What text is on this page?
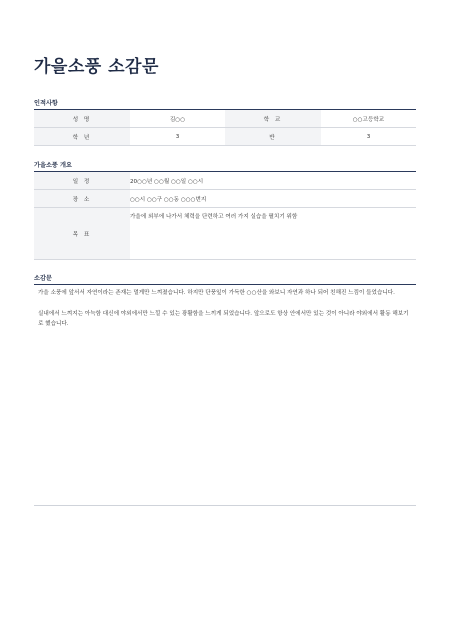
가을소풍 소감문
인적사항
성 명	김○○	학 교	○○고등학교
학 년	3	반	3
가을소풍 개요
일 정	20○○년 ○○월 ○○일 ○○시
장 소	○○시 ○○구 ○○동 ○○○번지
목 표	가을에 외부에 나가서 체력을 단련하고 여러 가지 실습을 펼치기 위함
소감문

가을 소풍에 앞서서 자연이라는 존재는 멀게만 느껴졌습니다. 하지만 단풍잎이 가득한 ○○산을 와보니 자연과 하나 되어 친해진 느낌이 들었습니다.

실내에서 느껴지는 아늑함 대신에 야외에서만 느낄 수 있는 광활함을 느끼게 되었습니다. 앞으로도 항상 안에서만 있는 것이 아니라 야외에서 활동 해보기로 했습니다.
